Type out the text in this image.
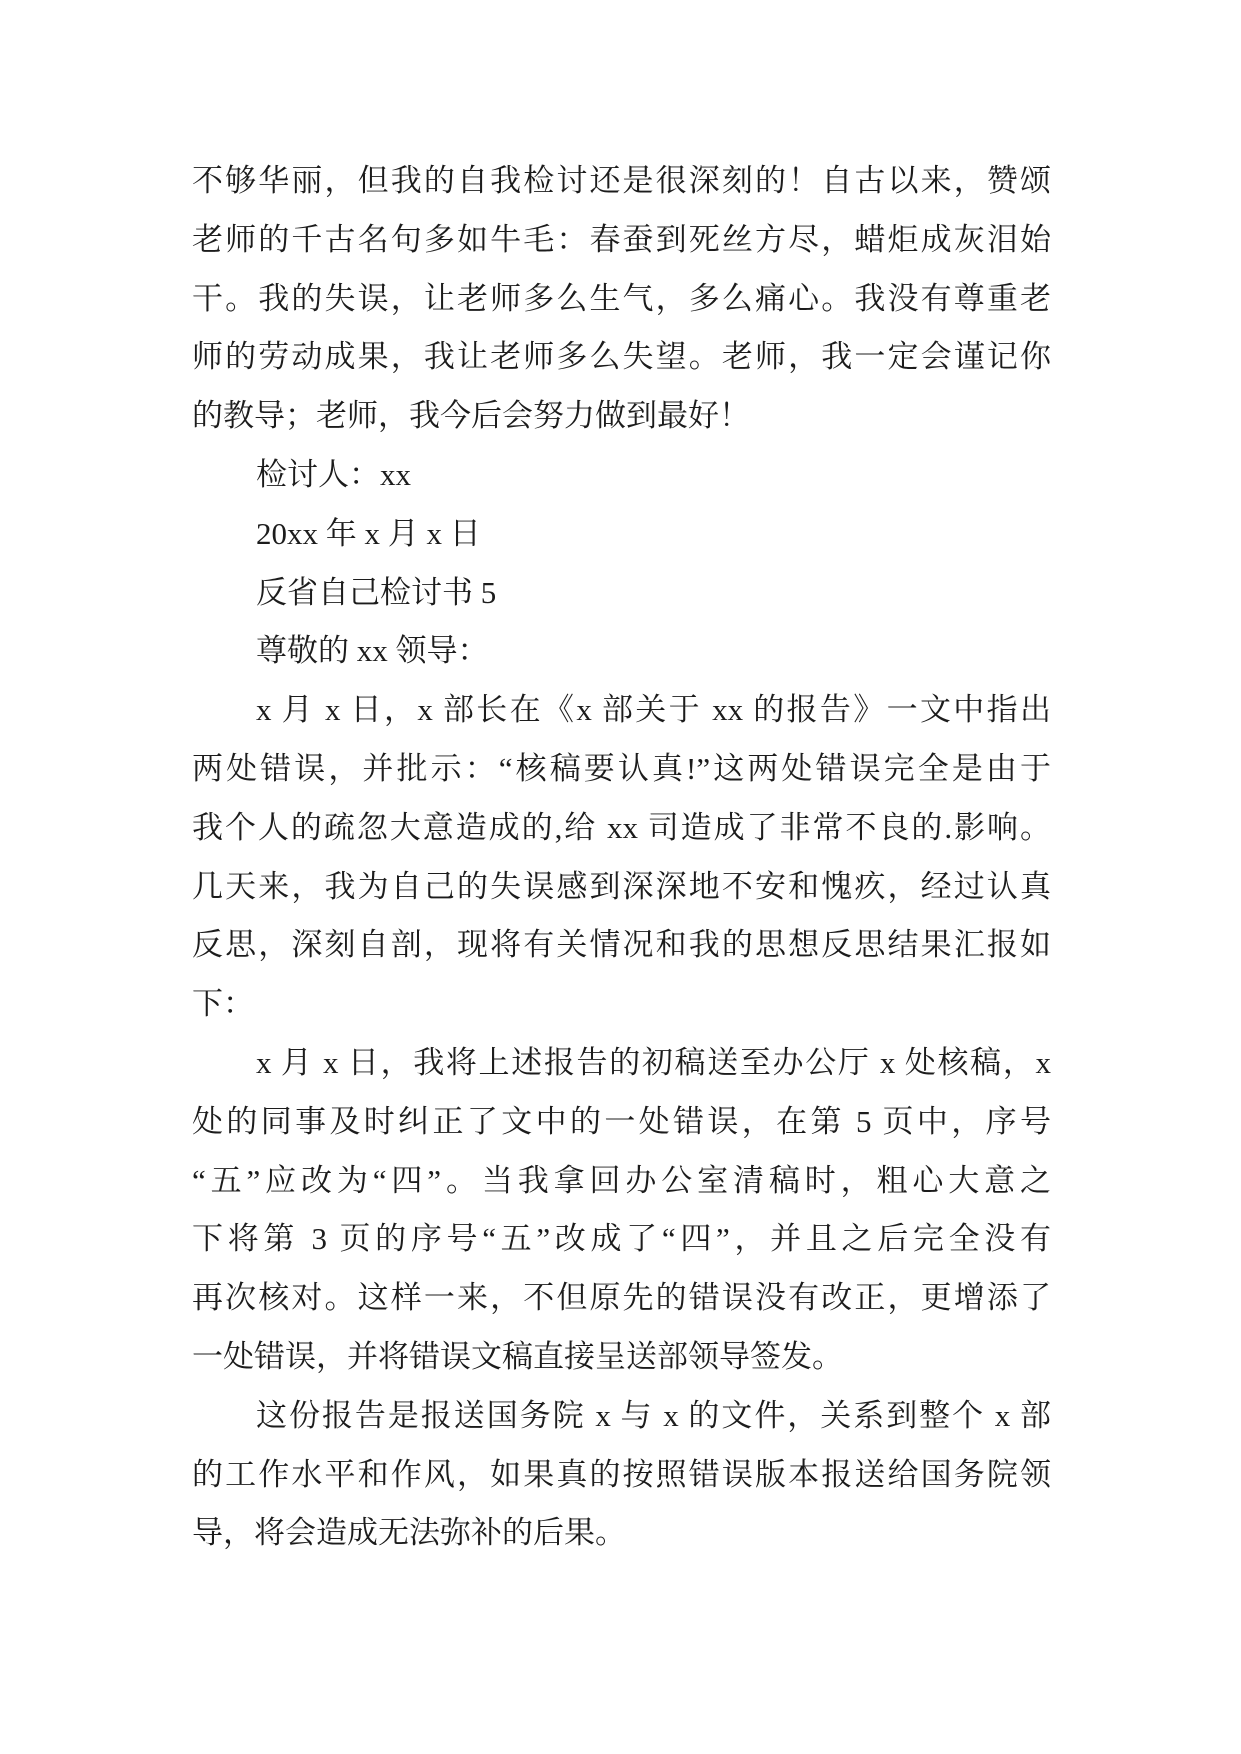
不够华丽，但我的自我检讨还是很深刻的！自古以来，赞颂
老师的千古名句多如牛毛：春蚕到死丝方尽，蜡炬成灰泪始
干。我的失误，让老师多么生气，多么痛心。我没有尊重老
师的劳动成果，我让老师多么失望。老师，我一定会谨记你
的教导；老师，我今后会努力做到最好！
检讨人：xx
20xx 年 x 月 x 日
反省自己检讨书 5
尊敬的 xx 领导：
x 月 x 日，x 部长在《x 部关于 xx 的报告》一文中指出
两处错误，并批示：“核稿要认真!”这两处错误完全是由于
我个人的疏忽大意造成的,给 xx 司造成了非常不良的.影响。
几天来，我为自己的失误感到深深地不安和愧疚，经过认真
反思，深刻自剖，现将有关情况和我的思想反思结果汇报如
下：
x 月 x 日，我将上述报告的初稿送至办公厅 x 处核稿，x
处的同事及时纠正了文中的一处错误，在第 5 页中，序号
“五”应改为“四”。当我拿回办公室清稿时，粗心大意之
下将第 3 页的序号“五”改成了“四”，并且之后完全没有
再次核对。这样一来，不但原先的错误没有改正，更增添了
一处错误，并将错误文稿直接呈送部领导签发。
这份报告是报送国务院 x 与 x 的文件，关系到整个 x 部
的工作水平和作风，如果真的按照错误版本报送给国务院领
导，将会造成无法弥补的后果。
